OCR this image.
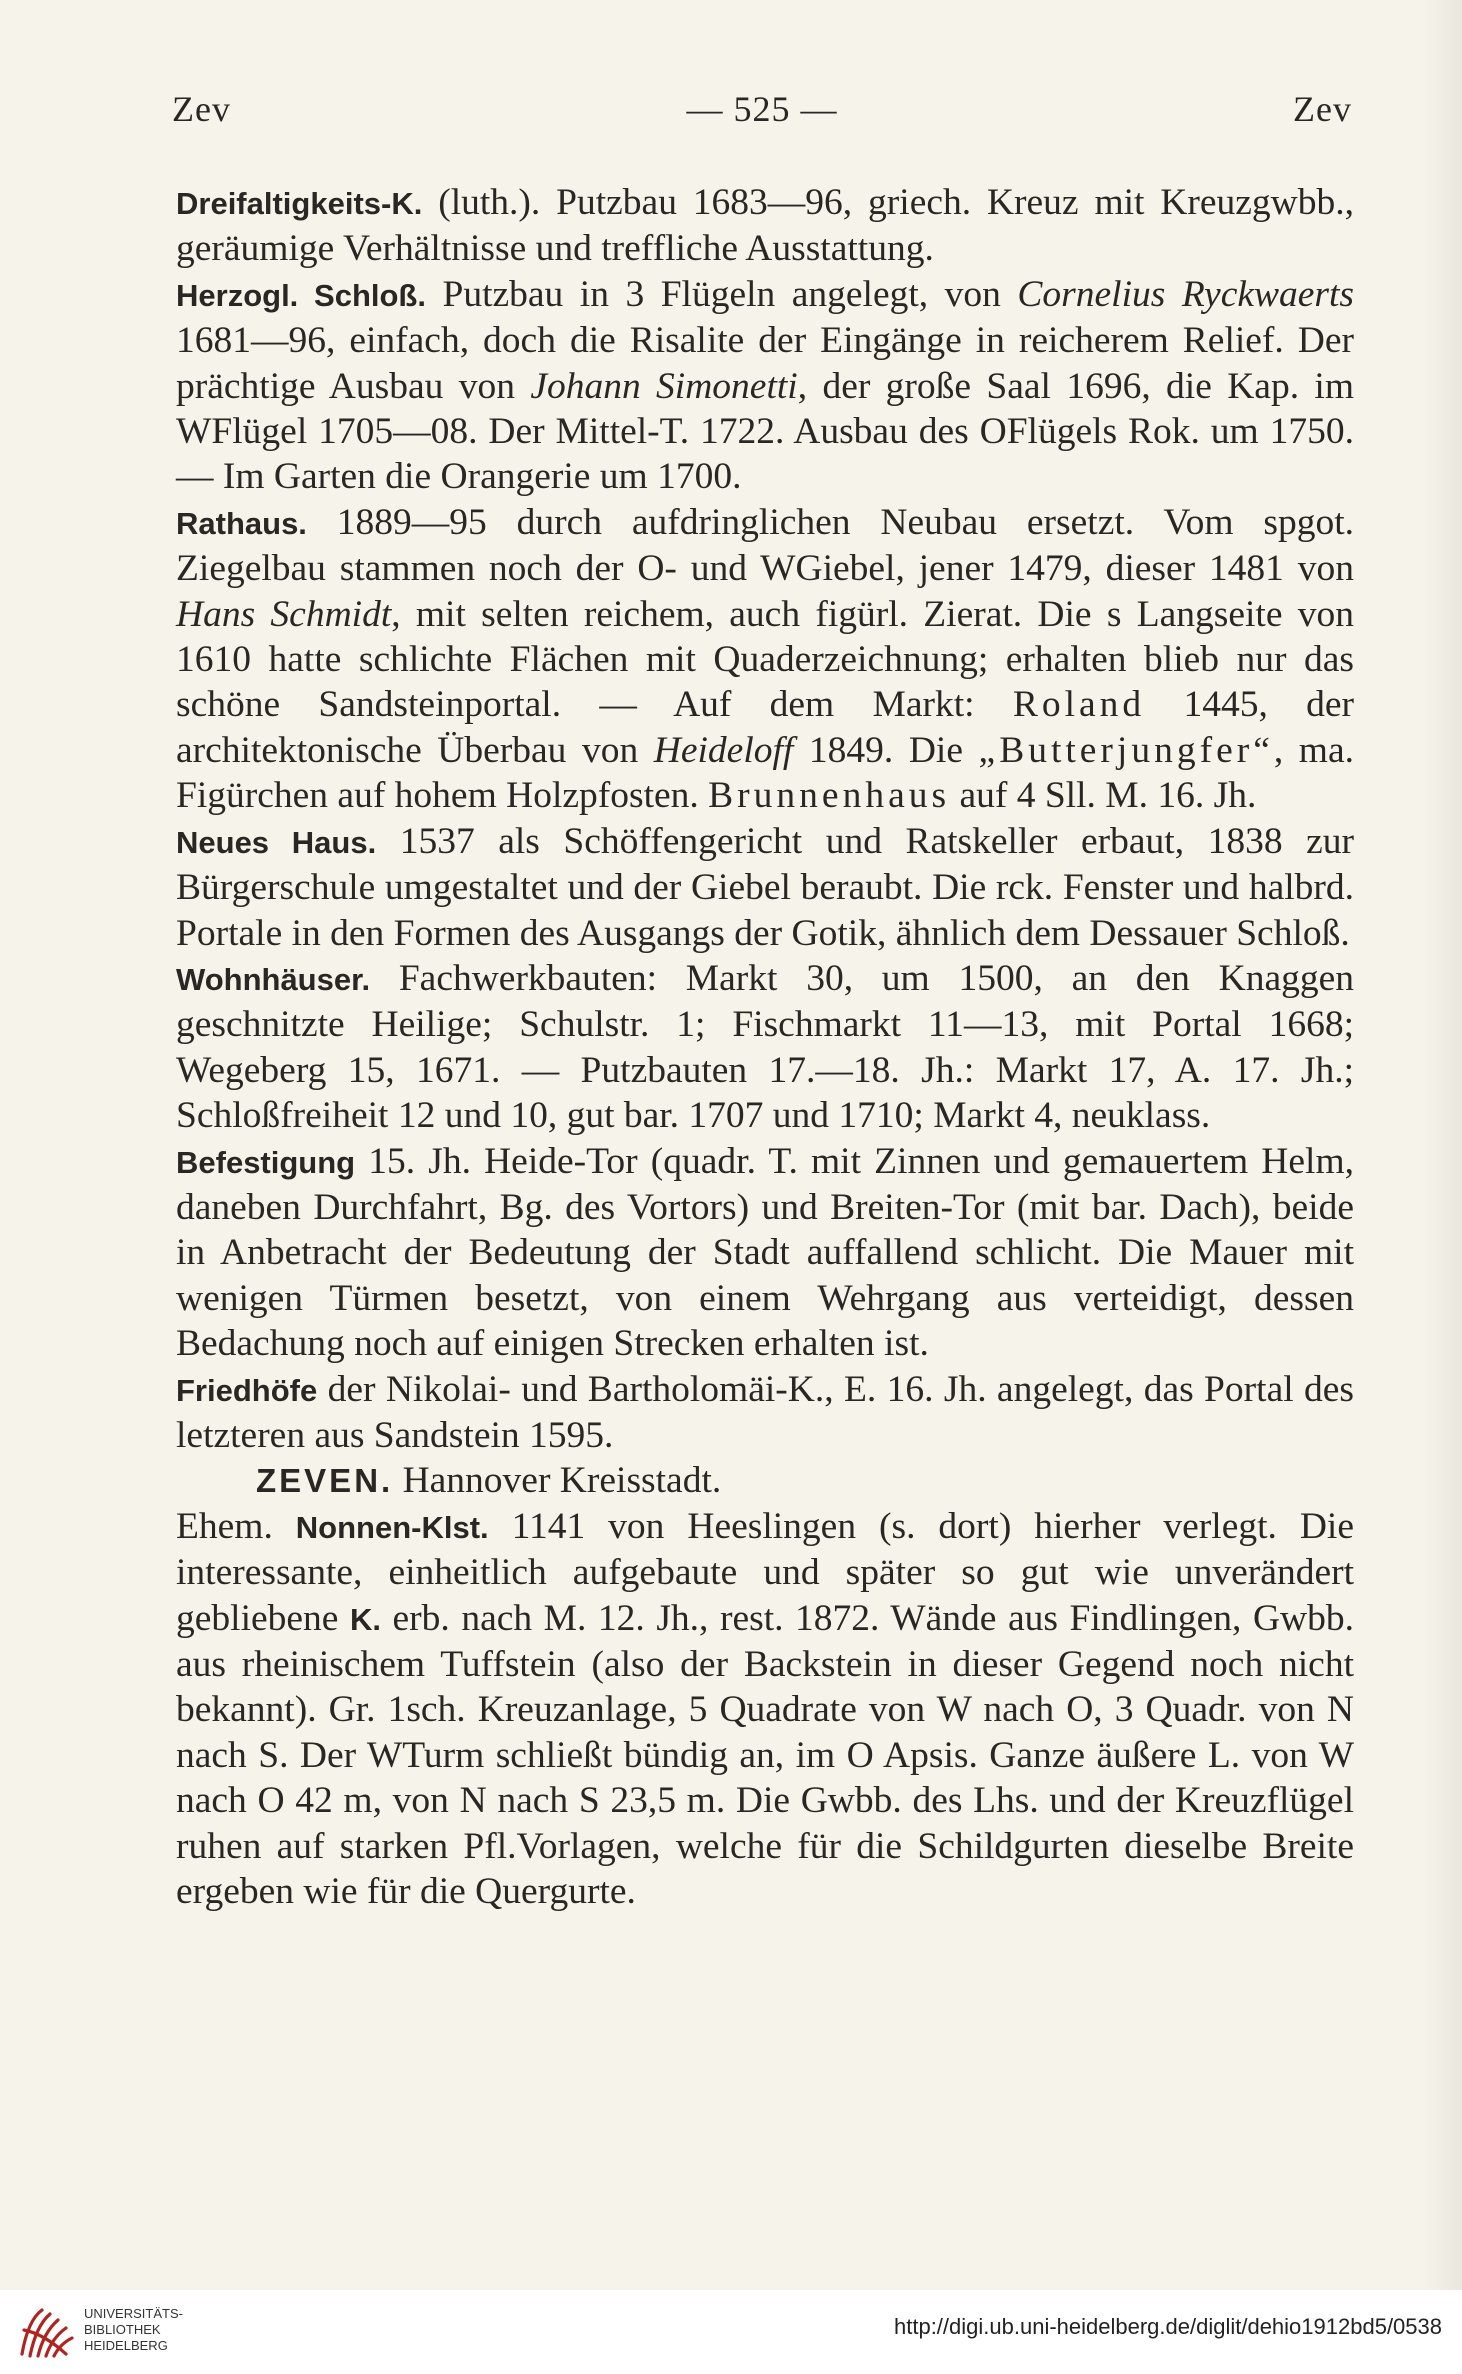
Zev	— 525 —	Zev

Dreifaltigkeits-K. (luth.). Putzbau 1683—96, griech. Kreuz mit Kreuzgwbb., geräumige Verhältnisse und treffliche Ausstattung.

Herzogl. Schloß. Putzbau in 3 Flügeln angelegt, von Cornelius Ryckwaerts 1681—96, einfach, doch die Risalite der Eingänge in reicherem Relief. Der prächtige Ausbau von Johann Simonetti, der große Saal 1696, die Kap. im WFlügel 1705—08. Der Mittel-T. 1722. Ausbau des OFlügels Rok. um 1750. — Im Garten die Orangerie um 1700.

Rathaus. 1889—95 durch aufdringlichen Neubau ersetzt. Vom spgot. Ziegelbau stammen noch der O- und WGiebel, jener 1479, dieser 1481 von Hans Schmidt, mit selten reichem, auch figürl. Zierat. Die s Langseite von 1610 hatte schlichte Flächen mit Quaderzeichnung; erhalten blieb nur das schöne Sandsteinportal. — Auf dem Markt: Roland 1445, der architektonische Überbau von Heideloff 1849. Die „Butterjungfer“, ma. Figürchen auf hohem Holzpfosten. Brunnenhaus auf 4 Sll. M. 16. Jh.

Neues Haus. 1537 als Schöffengericht und Ratskeller erbaut, 1838 zur Bürgerschule umgestaltet und der Giebel beraubt. Die rck. Fenster und halbrd. Portale in den Formen des Ausgangs der Gotik, ähnlich dem Dessauer Schloß.

Wohnhäuser. Fachwerkbauten: Markt 30, um 1500, an den Knaggen geschnitzte Heilige; Schulstr. 1; Fischmarkt 11—13, mit Portal 1668; Wegeberg 15, 1671. — Putzbauten 17.—18. Jh.: Markt 17, A. 17. Jh.; Schloßfreiheit 12 und 10, gut bar. 1707 und 1710; Markt 4, neuklass.

Befestigung 15. Jh. Heide-Tor (quadr. T. mit Zinnen und gemauertem Helm, daneben Durchfahrt, Bg. des Vortors) und Breiten-Tor (mit bar. Dach), beide in Anbetracht der Bedeutung der Stadt auffallend schlicht. Die Mauer mit wenigen Türmen besetzt, von einem Wehrgang aus verteidigt, dessen Bedachung noch auf einigen Strecken erhalten ist.

Friedhöfe der Nikolai- und Bartholomäi-K., E. 16. Jh. angelegt, das Portal des letzteren aus Sandstein 1595.

ZEVEN. Hannover Kreisstadt.

Ehem. Nonnen-Klst. 1141 von Heeslingen (s. dort) hierher verlegt. Die interessante, einheitlich aufgebaute und später so gut wie unverändert gebliebene K. erb. nach M. 12. Jh., rest. 1872. Wände aus Findlingen, Gwbb. aus rheinischem Tuffstein (also der Backstein in dieser Gegend noch nicht bekannt). Gr. 1sch. Kreuzanlage, 5 Quadrate von W nach O, 3 Quadr. von N nach S. Der WTurm schließt bündig an, im O Apsis. Ganze äußere L. von W nach O 42 m, von N nach S 23,5 m. Die Gwbb. des Lhs. und der Kreuzflügel ruhen auf starken Pfl.Vorlagen, welche für die Schildgurten dieselbe Breite ergeben wie für die Quergurte.

UNIVERSITÄTS-
BIBLIOTHEK
HEIDELBERG
http://digi.ub.uni-heidelberg.de/diglit/dehio1912bd5/0538
